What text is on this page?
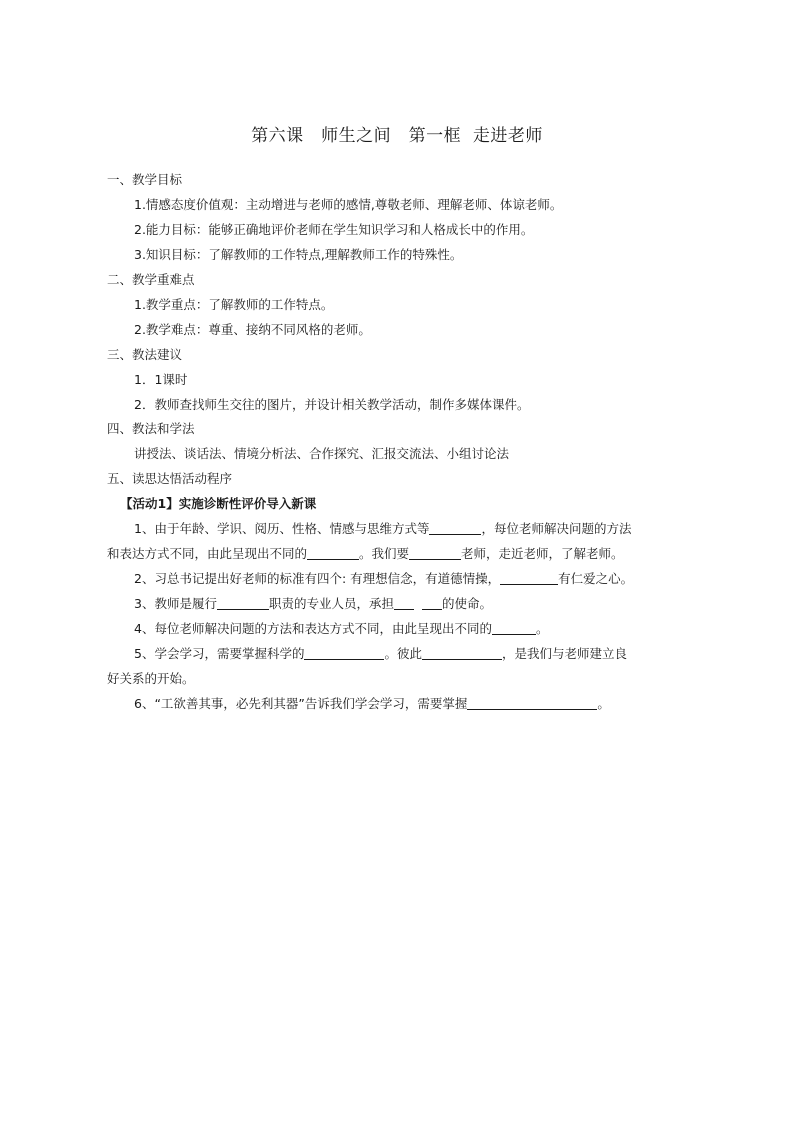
第六课　师生之间　第一框  走进老师
一、教学目标
1.情感态度价值观：主动增进与老师的感情,尊敬老师、理解老师、体谅老师。
2.能力目标：能够正确地评价老师在学生知识学习和人格成长中的作用。
3.知识目标：了解教师的工作特点,理解教师工作的特殊性。
二、教学重难点
1.教学重点：了解教师的工作特点。
2.教学难点：尊重、接纳不同风格的老师。
三、教法建议
1．1课时
2．教师查找师生交往的图片，并设计相关教学活动，制作多媒体课件。
四、教法和学法
讲授法、谈话法、情境分析法、合作探究、汇报交流法、小组讨论法
五、读思达悟活动程序
【活动1】实施诊断性评价导入新课
1、由于年龄、学识、阅历、性格、情感与思维方式等	，每位老师解决问题的方法
和表达方式不同，由此呈现出不同的	。我们要	老师，走近老师，了解老师。
2、习总书记提出好老师的标准有四个: 有理想信念，有道德情操，	有仁爱之心。
3、教师是履行	职责的专业人员，承担	的使命。
4、每位老师解决问题的方法和表达方式不同，由此呈现出不同的	。
5、学会学习，需要掌握科学的	。彼此	，是我们与老师建立良
好关系的开始。
6、“工欲善其事，必先利其器”告诉我们学会学习，需要掌握	。
